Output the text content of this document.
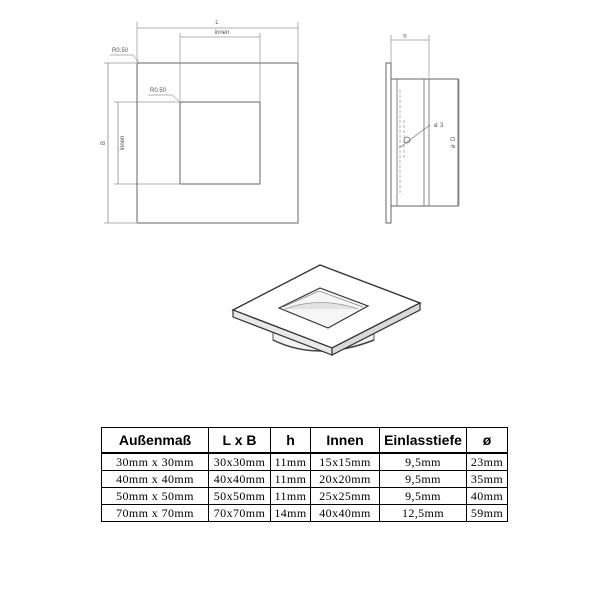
L
innen
B innen
R0.50
R0.50
h
ø 3
ø
D
Außenmaß	L x B	h	Innen	Einlasstiefe	ø
30mm x 30mm	30x30mm	11mm	15x15mm	9,5mm	23mm
40mm x 40mm	40x40mm	11mm	20x20mm	9,5mm	35mm
50mm x 50mm	50x50mm	11mm	25x25mm	9,5mm	40mm
70mm x 70mm	70x70mm	14mm	40x40mm	12,5mm	59mm
